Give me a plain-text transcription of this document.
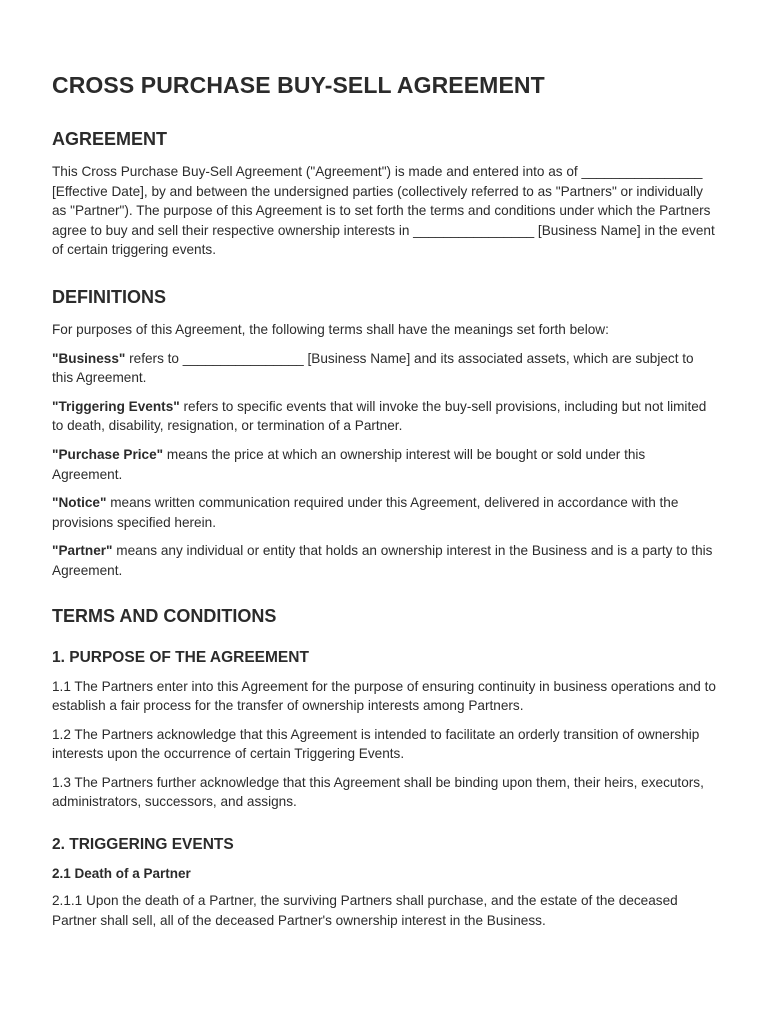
CROSS PURCHASE BUY-SELL AGREEMENT
AGREEMENT

This Cross Purchase Buy-Sell Agreement ("Agreement") is made and entered into as of ________________ [Effective Date], by and between the undersigned parties (collectively referred to as "Partners" or individually as "Partner"). The purpose of this Agreement is to set forth the terms and conditions under which the Partners agree to buy and sell their respective ownership interests in ________________ [Business Name] in the event of certain triggering events.

DEFINITIONS

For purposes of this Agreement, the following terms shall have the meanings set forth below:

"Business" refers to ________________ [Business Name] and its associated assets, which are subject to this Agreement.

"Triggering Events" refers to specific events that will invoke the buy-sell provisions, including but not limited to death, disability, resignation, or termination of a Partner.

"Purchase Price" means the price at which an ownership interest will be bought or sold under this Agreement.

"Notice" means written communication required under this Agreement, delivered in accordance with the provisions specified herein.

"Partner" means any individual or entity that holds an ownership interest in the Business and is a party to this Agreement.

TERMS AND CONDITIONS
1. PURPOSE OF THE AGREEMENT

1.1 The Partners enter into this Agreement for the purpose of ensuring continuity in business operations and to establish a fair process for the transfer of ownership interests among Partners.

1.2 The Partners acknowledge that this Agreement is intended to facilitate an orderly transition of ownership interests upon the occurrence of certain Triggering Events.

1.3 The Partners further acknowledge that this Agreement shall be binding upon them, their heirs, executors, administrators, successors, and assigns.

2. TRIGGERING EVENTS
2.1 Death of a Partner

2.1.1 Upon the death of a Partner, the surviving Partners shall purchase, and the estate of the deceased Partner shall sell, all of the deceased Partner's ownership interest in the Business.
